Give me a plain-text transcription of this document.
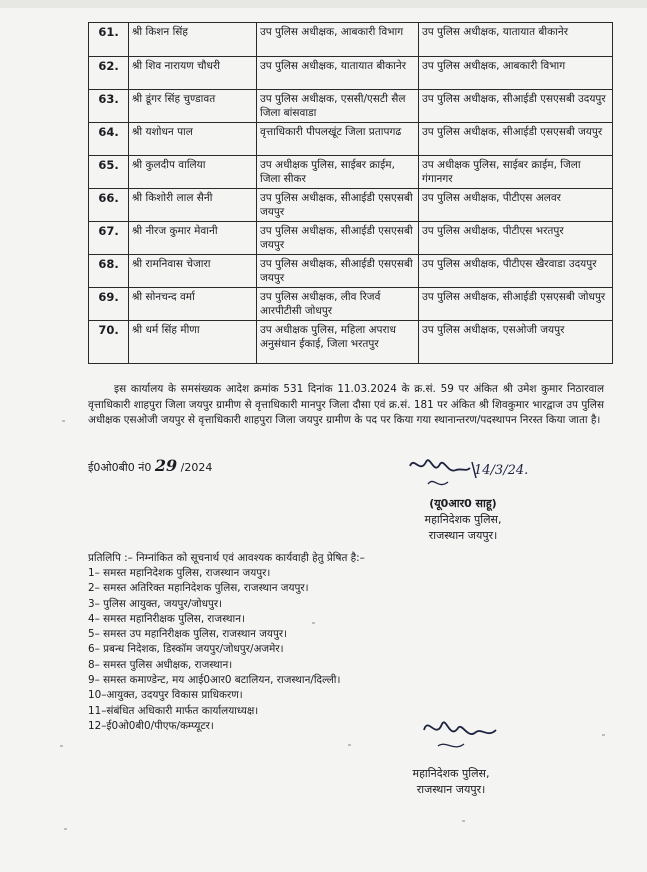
61.	श्री किशन सिंह	उप पुलिस अधीक्षक, आबकारी विभाग	उप पुलिस अधीक्षक, यातायात बीकानेर
62.	श्री शिव नारायण चौधरी	उप पुलिस अधीक्षक, यातायात बीकानेर	उप पुलिस अधीक्षक, आबकारी विभाग
63.	श्री डूंगर सिंह चुण्डावत	उप पुलिस अधीक्षक, एससी/एसटी सैल जिला बांसवाडा	उप पुलिस अधीक्षक, सीआईडी एसएसबी उदयपुर
64.	श्री यशोधन पाल	वृत्ताधिकारी पीपलखूंट जिला प्रतापगढ	उप पुलिस अधीक्षक, सीआईडी एसएसबी जयपुर
65.	श्री कुलदीप वालिया	उप अधीक्षक पुलिस, साईबर क्राईम, जिला सीकर	उप अधीक्षक पुलिस, साईबर क्राईम, जिला गंगानगर
66.	श्री किशोरी लाल सैनी	उप पुलिस अधीक्षक, सीआईडी एसएसबी जयपुर	उप पुलिस अधीक्षक, पीटीएस अलवर
67.	श्री नीरज कुमार मेवानी	उप पुलिस अधीक्षक, सीआईडी एसएसबी जयपुर	उप पुलिस अधीक्षक, पीटीएस भरतपुर
68.	श्री रामनिवास चेजारा	उप पुलिस अधीक्षक, सीआईडी एसएसबी जयपुर	उप पुलिस अधीक्षक, पीटीएस खैरवाडा उदयपुर
69.	श्री सोनचन्द वर्मा	उप पुलिस अधीक्षक, लीव रिजर्व आरपीटीसी जोधपुर	उप पुलिस अधीक्षक, सीआईडी एसएसबी जोधपुर
70.	श्री धर्म सिंह मीणा	उप अधीक्षक पुलिस, महिला अपराध अनुसंधान ईकाई, जिला भरतपुर	उप पुलिस अधीक्षक, एसओजी जयपुर
इस कार्यालय के समसंख्यक आदेश क्रमांक 531 दिनांक 11.03.2024 के क्र.सं. 59 पर अंकित श्री उमेश कुमार निठारवाल वृत्ताधिकारी शाहपुरा जिला जयपुर ग्रामीण से वृत्ताधिकारी मानपुर जिला दौसा एवं क्र.सं. 181 पर अंकित श्री शिवकुमार भारद्वाज उप पुलिस अधीक्षक एसओजी जयपुर से वृत्ताधिकारी शाहपुरा जिला जयपुर ग्रामीण के पद पर किया गया स्थानान्तरण/पदस्थापन निरस्त किया जाता है।
ई0ओ0बी0 नं0 29 /2024	14/3/24.
(यू0आर0 साहू)
महानिदेशक पुलिस,
राजस्थान जयपुर।
प्रतिलिपि :– निम्नांकित को सूचनार्थ एवं आवश्यक कार्यवाही हेतु प्रेषित है:–
1– समस्त महानिदेशक पुलिस, राजस्थान जयपुर।
2– समस्त अतिरिक्त महानिदेशक पुलिस, राजस्थान जयपुर।
3– पुलिस आयुक्त, जयपुर/जोधपुर।
4– समस्त महानिरीक्षक पुलिस, राजस्थान।
5– समस्त उप महानिरीक्षक पुलिस, राजस्थान जयपुर।
6– प्रबन्ध निदेशक, डिस्कॉम जयपुर/जोधपुर/अजमेर।
8– समस्त पुलिस अधीक्षक, राजस्थान।
9– समस्त कमाण्डेन्ट, मय आई0आर0 बटालियन, राजस्थान/दिल्ली।
10–आयुक्त, उदयपुर विकास प्राधिकरण।
11–संबंधित अधिकारी मार्फत कार्यालयाध्यक्ष।
12–ई0ओ0बी0/पीएफ/कम्प्यूटर।
महानिदेशक पुलिस,
राजस्थान जयपुर।
